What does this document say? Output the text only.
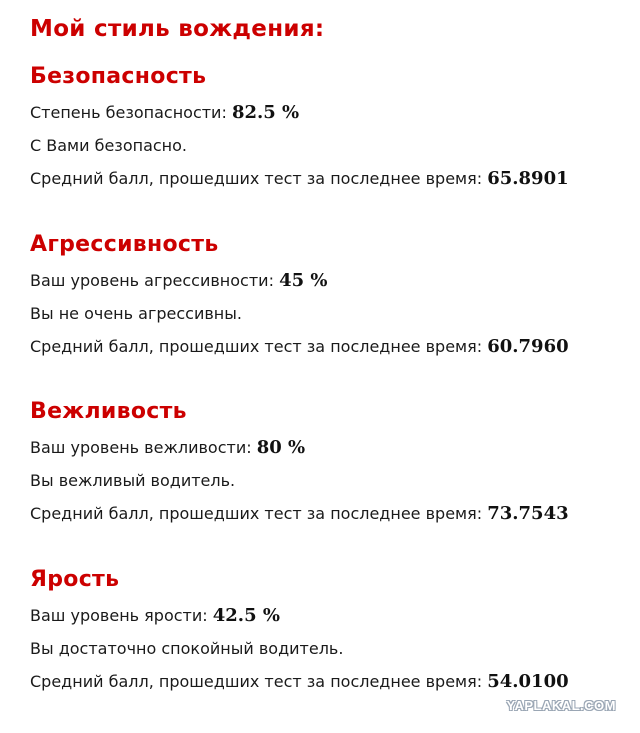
Мой стиль вождения:
Безопасность
Степень безопасности: 82.5 %
С Вами безопасно.
Средний балл, прошедших тест за последнее время: 65.8901
Агрессивность
Ваш уровень агрессивности: 45 %
Вы не очень агрессивны.
Средний балл, прошедших тест за последнее время: 60.7960
Вежливость
Ваш уровень вежливости: 80 %
Вы вежливый водитель.
Средний балл, прошедших тест за последнее время: 73.7543
Ярость
Ваш уровень ярости: 42.5 %
Вы достаточно спокойный водитель.
Средний балл, прошедших тест за последнее время: 54.0100
YAPLAKAL.COM
